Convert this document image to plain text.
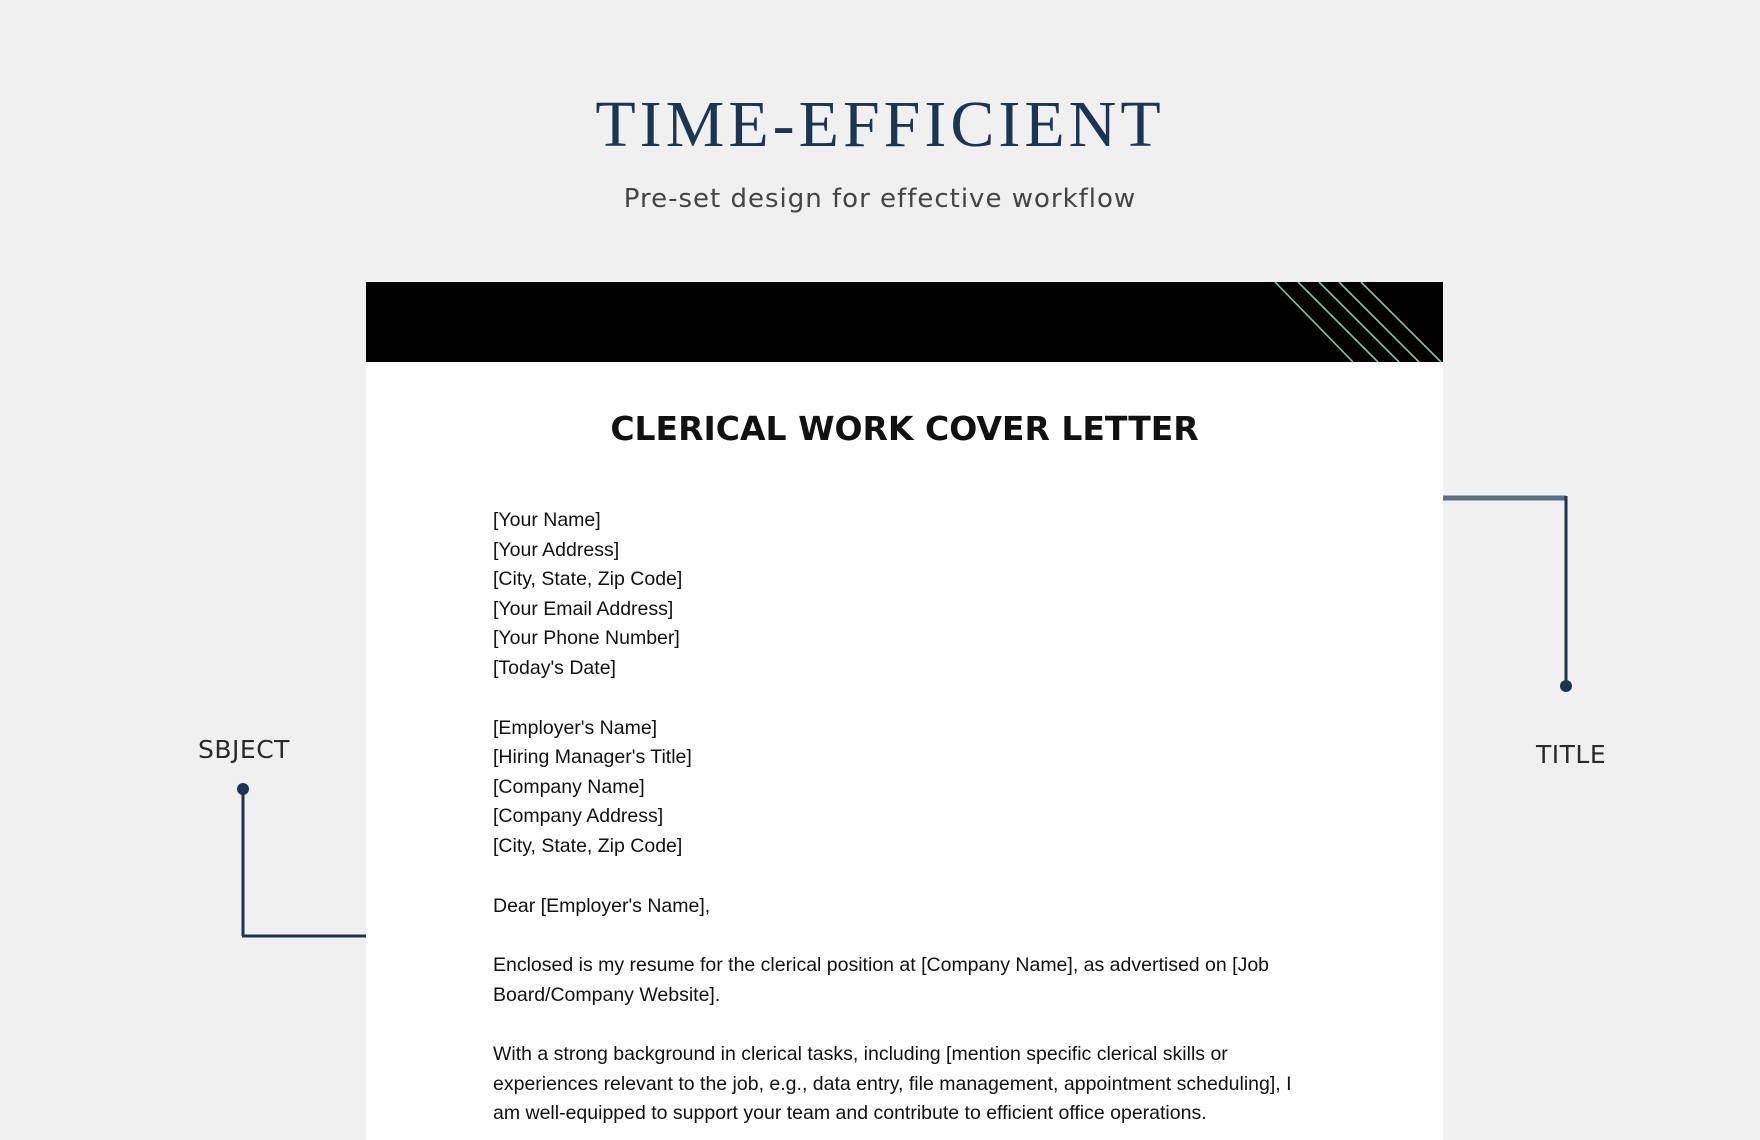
TIME-EFFICIENT

Pre-set design for effective workflow

SBJECT	TITLE

CLERICAL WORK COVER LETTER
[Your Name]
[Your Address]
[City, State, Zip Code]
[Your Email Address]
[Your Phone Number]
[Today's Date]
[Employer's Name]
[Hiring Manager's Title]
[Company Name]
[Company Address]
[City, State, Zip Code]
Dear [Employer's Name],

Enclosed is my resume for the clerical position at [Company Name], as advertised on [Job Board/Company Website].

With a strong background in clerical tasks, including [mention specific clerical skills or experiences relevant to the job, e.g., data entry, file management, appointment scheduling], I am well-equipped to support your team and contribute to efficient office operations.
